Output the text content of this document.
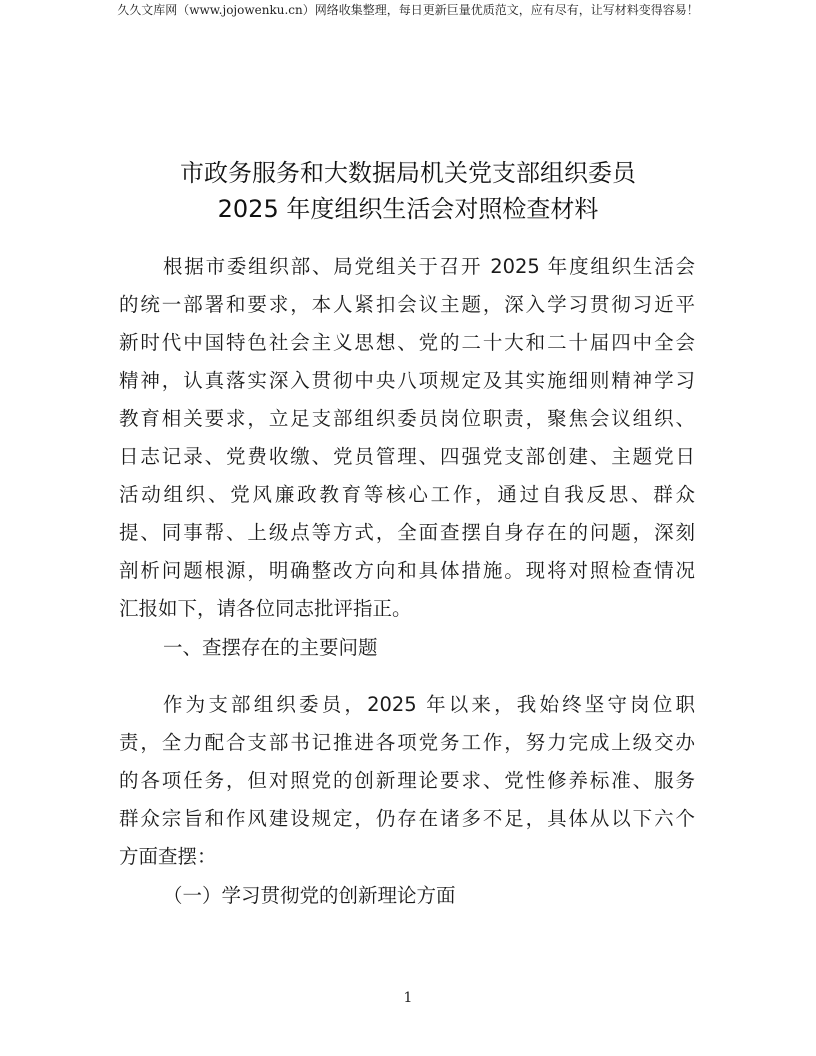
久久文库网（www.jojowenku.cn）网络收集整理，每日更新巨量优质范文，应有尽有，让写材料变得容易！
市政务服务和大数据局机关党支部组织委员
2025 年度组织生活会对照检查材料
根据市委组织部、局党组关于召开 2025 年度组织生活会
的统一部署和要求，本人紧扣会议主题，深入学习贯彻习近平
新时代中国特色社会主义思想、党的二十大和二十届四中全会
精神，认真落实深入贯彻中央八项规定及其实施细则精神学习
教育相关要求，立足支部组织委员岗位职责，聚焦会议组织、
日志记录、党费收缴、党员管理、四强党支部创建、主题党日
活动组织、党风廉政教育等核心工作，通过自我反思、群众
提、同事帮、上级点等方式，全面查摆自身存在的问题，深刻
剖析问题根源，明确整改方向和具体措施。现将对照检查情况
汇报如下，请各位同志批评指正。
一、查摆存在的主要问题
作为支部组织委员，2025 年以来，我始终坚守岗位职
责，全力配合支部书记推进各项党务工作，努力完成上级交办
的各项任务，但对照党的创新理论要求、党性修养标准、服务
群众宗旨和作风建设规定，仍存在诸多不足，具体从以下六个
方面查摆：
（一）学习贯彻党的创新理论方面
1
